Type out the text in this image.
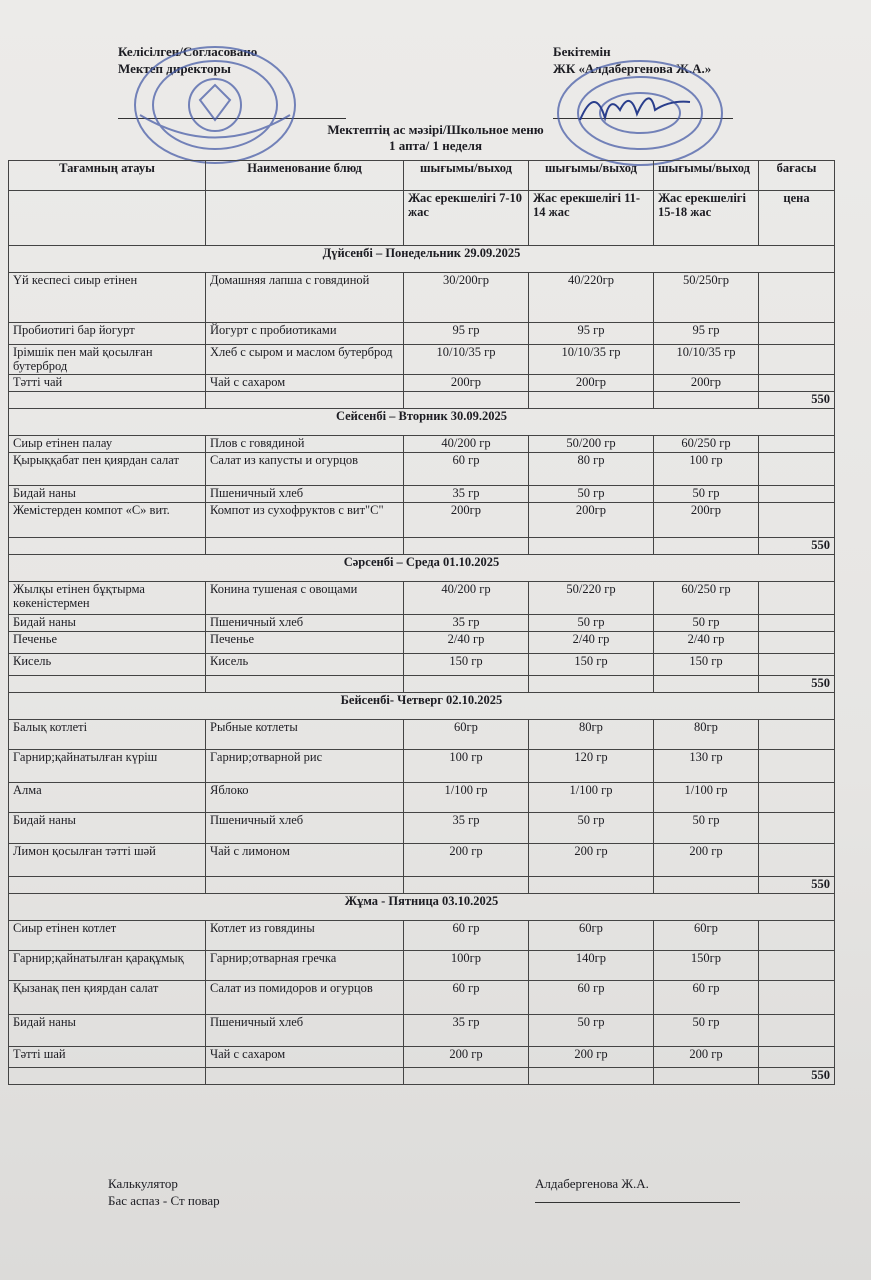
Келісілген/Согласовано
Мектеп директоры
Бекітемін
ЖК «Алдабергенова Ж.А.»
Мектептің ас мәзірі/Школьное меню
1 апта/ 1 неделя
Тағамның атауы	Наименование блюд	шығымы/выход	шығымы/выход	шығымы/выход	бағасы
		Жас ерекшелігі 7-10 жас	Жас ерекшелігі 11-14 жас	Жас ерекшелігі 15-18 жас	цена
Дүйсенбі – Понедельник 29.09.2025					
Үй кеспесі сиыр етінен	Домашняя лапша с говядиной	30/200гр	40/220гр	50/250гр	
Пробиотигі бар йогурт	Йогурт с пробиотиками	95 гр	95 гр	95 гр	
Ірімшік пен май қосылған бутерброд	Хлеб с сыром и маслом бутерброд	10/10/35 гр	10/10/35 гр	10/10/35 гр	
Тәтті чай	Чай с сахаром	200гр	200гр	200гр	
					550
Сейсенбі – Вторник 30.09.2025					
Сиыр етінен палау	Плов с говядиной	40/200 гр	50/200 гр	60/250 гр	
Қырыққабат пен қиярдан салат	Салат из капусты и огурцов	60 гр	80 гр	100 гр	
Бидай наны	Пшеничный хлеб	35 гр	50 гр	50 гр	
Жемістерден компот «С» вит.	Компот из сухофруктов с вит"С"	200гр	200гр	200гр	
					550
Сәрсенбі – Среда 01.10.2025					
Жылқы етінен бұқтырма көкеністермен	Конина тушеная с овощами	40/200 гр	50/220 гр	60/250 гр	
Бидай наны	Пшеничный хлеб	35 гр	50 гр	50 гр	
Печенье	Печенье	2/40 гр	2/40 гр	2/40 гр	
Кисель	Кисель	150 гр	150 гр	150 гр	
					550
Бейсенбі- Четверг 02.10.2025					
Балық котлеті	Рыбные котлеты	60гр	80гр	80гр	
Гарнир;қайнатылған күріш	Гарнир;отварной рис	100 гр	120 гр	130 гр	
Алма	Яблоко	1/100 гр	1/100 гр	1/100 гр	
Бидай наны	Пшеничный хлеб	35 гр	50 гр	50 гр	
Лимон қосылған тәтті шәй	Чай с лимоном	200 гр	200 гр	200 гр	
					550
Жұма - Пятница 03.10.2025					
Сиыр етінен котлет	Котлет из говядины	60 гр	60гр	60гр	
Гарнир;қайнатылған қарақұмық	Гарнир;отварная гречка	100гр	140гр	150гр	
Қызанақ пен қиярдан салат	Салат из помидоров и огурцов	60 гр	60 гр	60 гр	
Бидай наны	Пшеничный хлеб	35 гр	50 гр	50 гр	
Тәтті шай	Чай с сахаром	200 гр	200 гр	200 гр	
					550
Калькулятор
Бас аспаз - Ст повар
Алдабергенова Ж.А.
